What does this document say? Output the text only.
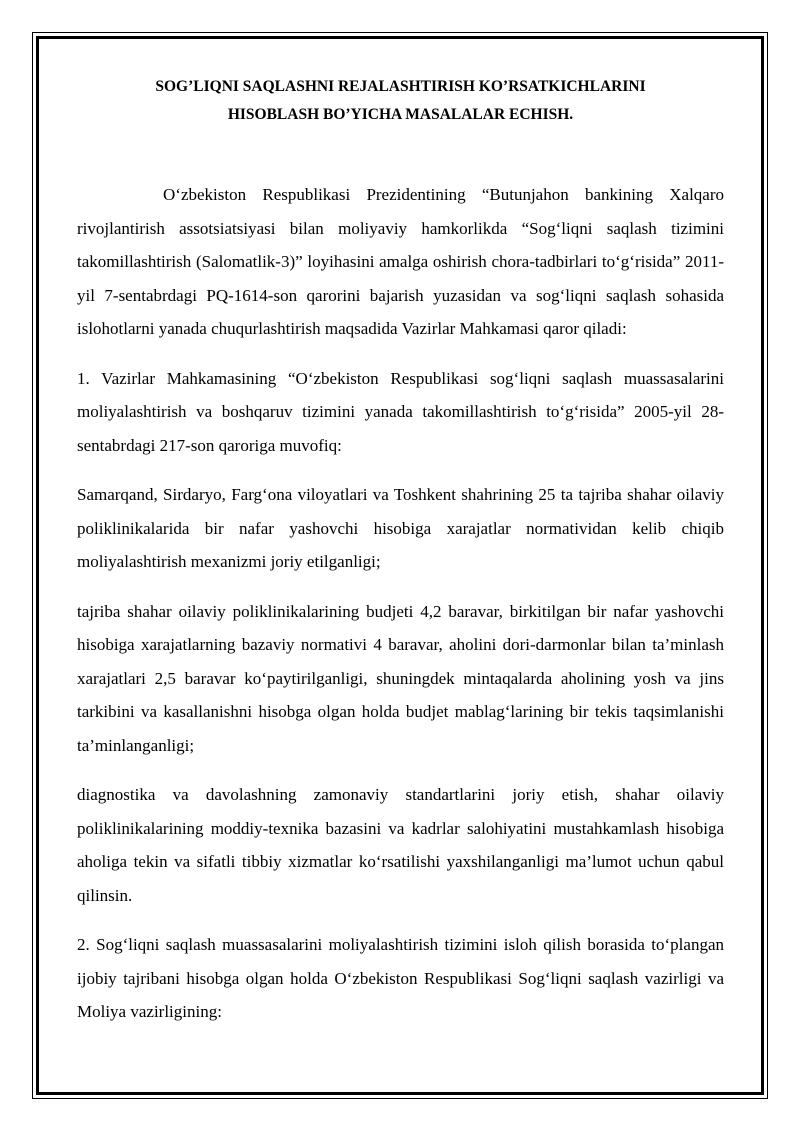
SOG’LIQNI SAQLASHNI REJALASHTIRISH KO’RSATKICHLARINI
HISOBLASH BO’YICHA MASALALAR ECHISH.

O‘zbekiston Respublikasi Prezidentining “Butunjahon bankining Xalqaro rivojlantirish assotsiatsiyasi bilan moliyaviy hamkorlikda “Sog‘liqni saqlash tizimini takomillashtirish (Salomatlik-3)” loyihasini amalga oshirish chora-tadbirlari to‘g‘risida” 2011-yil 7-sentabrdagi PQ-1614-son qarorini bajarish yuzasidan va sog‘liqni saqlash sohasida islohotlarni yanada chuqurlashtirish maqsadida Vazirlar Mahkamasi qaror qiladi:

1. Vazirlar Mahkamasining “O‘zbekiston Respublikasi sog‘liqni saqlash muassasalarini moliyalashtirish va boshqaruv tizimini yanada takomillashtirish to‘g‘risida” 2005-yil 28-sentabrdagi 217-son qaroriga muvofiq:

Samarqand, Sirdaryo, Farg‘ona viloyatlari va Toshkent shahrining 25 ta tajriba shahar oilaviy poliklinikalarida bir nafar yashovchi hisobiga xarajatlar normatividan kelib chiqib moliyalashtirish mexanizmi joriy etilganligi;

tajriba shahar oilaviy poliklinikalarining budjeti 4,2 baravar, birkitilgan bir nafar yashovchi hisobiga xarajatlarning bazaviy normativi 4 baravar, aholini dori-darmonlar bilan ta’minlash xarajatlari 2,5 baravar ko‘paytirilganligi, shuningdek mintaqalarda aholining yosh va jins tarkibini va kasallanishni hisobga olgan holda budjet mablag‘larining bir tekis taqsimlanishi ta’minlanganligi;

diagnostika va davolashning zamonaviy standartlarini joriy etish, shahar oilaviy poliklinikalarining moddiy-texnika bazasini va kadrlar salohiyatini mustahkamlash hisobiga aholiga tekin va sifatli tibbiy xizmatlar ko‘rsatilishi yaxshilanganligi ma’lumot uchun qabul qilinsin.

2. Sog‘liqni saqlash muassasalarini moliyalashtirish tizimini isloh qilish borasida to‘plangan ijobiy tajribani hisobga olgan holda O‘zbekiston Respublikasi Sog‘liqni saqlash vazirligi va Moliya vazirligining:
